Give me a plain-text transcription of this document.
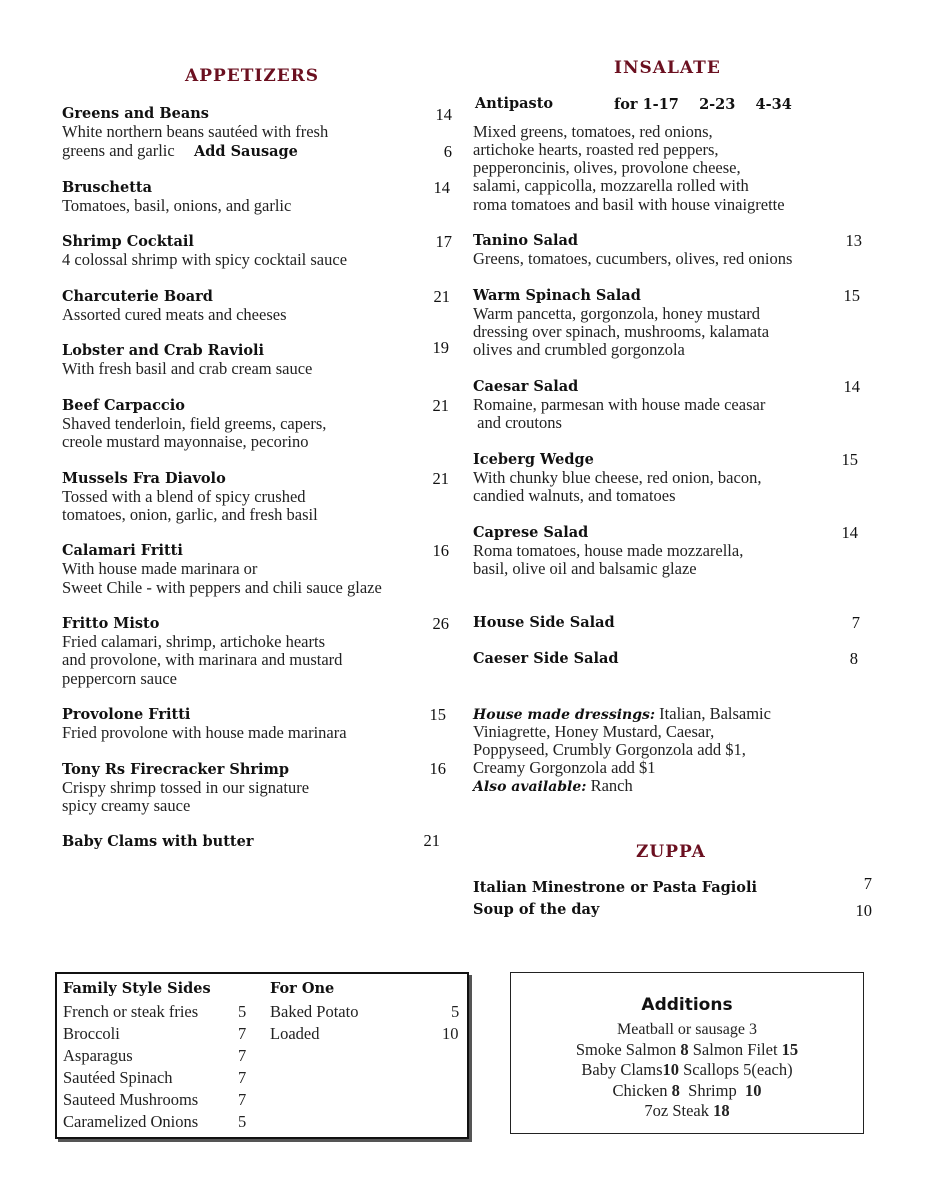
APPETIZERS
Greens and Beans	14
White northern beans sautéed with fresh
greens and garlic Add Sausage	6
Bruschetta	14
Tomatoes, basil, onions, and garlic
Shrimp Cocktail	17
4 colossal shrimp with spicy cocktail sauce
Charcuterie Board	21
Assorted cured meats and cheeses
Lobster and Crab Ravioli	19
With fresh basil and crab cream sauce
Beef Carpaccio	21
Shaved tenderloin, field greems, capers,
creole mustard mayonnaise, pecorino
Mussels Fra Diavolo	21
Tossed with a blend of spicy crushed
tomatoes, onion, garlic, and fresh basil
Calamari Fritti	16
With house made marinara or
Sweet Chile - with peppers and chili sauce glaze
Fritto Misto	26
Fried calamari, shrimp, artichoke hearts
and provolone, with marinara and mustard
peppercorn sauce
Provolone Fritti	15
Fried provolone with house made marinara
Tony Rs Firecracker Shrimp	16
Crispy shrimp tossed in our signature
spicy creamy sauce
Baby Clams with butter	21
INSALATE
Antipasto	for 1-17    2-23    4-34
Mixed greens, tomatoes, red onions,
artichoke hearts, roasted red peppers,
pepperoncinis, olives, provolone cheese,
salami, cappicolla, mozzarella rolled with
roma tomatoes and basil with house vinaigrette
Tanino Salad	13
Greens, tomatoes, cucumbers, olives, red onions
Warm Spinach Salad	15
Warm pancetta, gorgonzola, honey mustard
dressing over spinach, mushrooms, kalamata
olives and crumbled gorgonzola
Caesar Salad	14
Romaine, parmesan with house made ceasar
and croutons
Iceberg Wedge	15
With chunky blue cheese, red onion, bacon,
candied walnuts, and tomatoes
Caprese Salad	14
Roma tomatoes, house made mozzarella,
basil, olive oil and balsamic glaze
House Side Salad	7
Caeser Side Salad	8
House made dressings: Italian, Balsamic
Viniagrette, Honey Mustard, Caesar,
Poppyseed, Crumbly Gorgonzola add $1,
Creamy Gorgonzola add $1
Also available: Ranch
ZUPPA
Italian Minestrone or Pasta Fagioli	7
Soup of the day	10
Family Style Sides
French or steak fries 5
Broccoli	7
Asparagus	7
Sautéed Spinach	7
Sauteed Mushrooms 7
Caramelized Onions 5
For One
Baked Potato	5
Loaded	10
Additions
Meatball or sausage 3
Smoke Salmon 8 Salmon Filet 15
Baby Clams10 Scallops 5(each)
Chicken 8  Shrimp  10
7oz Steak 18
